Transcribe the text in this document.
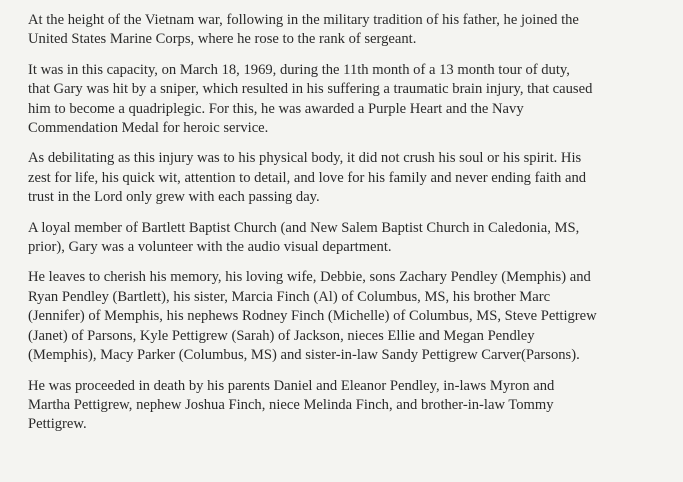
At the height of the Vietnam war, following in the military tradition of his father, he joined the
United States Marine Corps, where he rose to the rank of sergeant.

It was in this capacity, on March 18, 1969, during the 11th month of a 13 month tour of duty,
that Gary was hit by a sniper, which resulted in his suffering a traumatic brain injury, that caused
him to become a quadriplegic. For this, he was awarded a Purple Heart and the Navy
Commendation Medal for heroic service.

As debilitating as this injury was to his physical body, it did not crush his soul or his spirit. His
zest for life, his quick wit, attention to detail, and love for his family and never ending faith and
trust in the Lord only grew with each passing day.

A loyal member of Bartlett Baptist Church (and New Salem Baptist Church in Caledonia, MS,
prior), Gary was a volunteer with the audio visual department.

He leaves to cherish his memory, his loving wife, Debbie, sons Zachary Pendley (Memphis) and
Ryan Pendley (Bartlett), his sister, Marcia Finch (Al) of Columbus, MS, his brother Marc
(Jennifer) of Memphis, his nephews Rodney Finch (Michelle) of Columbus, MS, Steve Pettigrew
(Janet) of Parsons, Kyle Pettigrew (Sarah) of Jackson, nieces Ellie and Megan Pendley
(Memphis), Macy Parker (Columbus, MS) and sister-in-law Sandy Pettigrew Carver(Parsons).

He was proceeded in death by his parents Daniel and Eleanor Pendley, in-laws Myron and
Martha Pettigrew, nephew Joshua Finch, niece Melinda Finch, and brother-in-law Tommy
Pettigrew.
